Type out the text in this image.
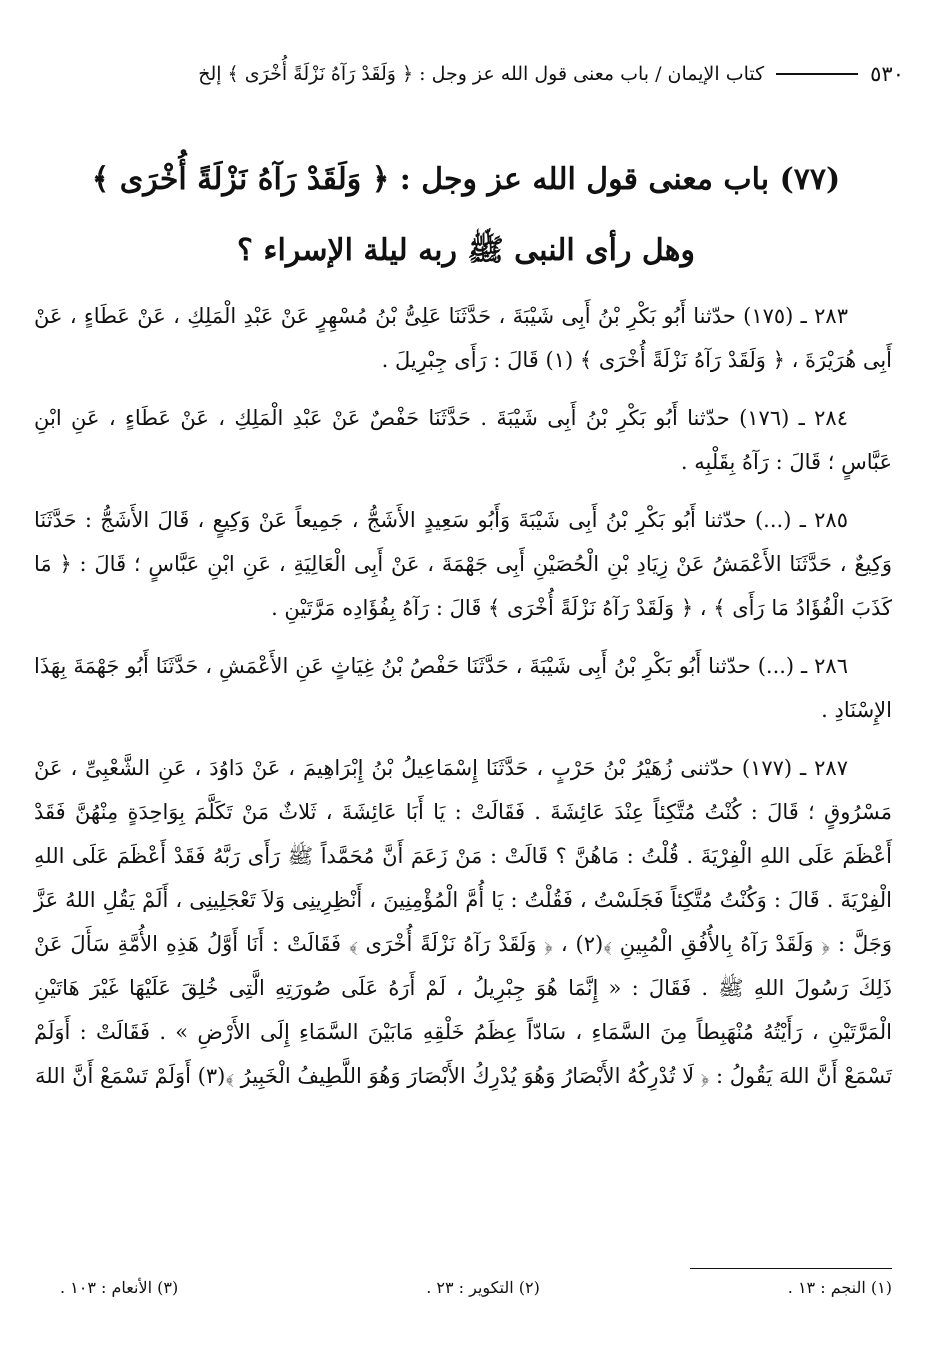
٥٣٠
كتاب الإيمان / باب معنى قول الله عز وجل : ﴿ وَلَقَدْ رَآهُ نَزْلَةً أُخْرَى ﴾ إلخ
(٧٧) باب معنى قول الله عز وجل : ﴿ وَلَقَدْ رَآهُ نَزْلَةً أُخْرَى ﴾
وهل رأى النبى ﷺ ربه ليلة الإسراء ؟

٢٨٣ ـ (١٧٥) حدّثنا أَبُو بَكْرِ بْنُ أَبِى شَيْبَةَ ، حَدَّثَنَا عَلِىُّ بْنُ مُسْهِرٍ عَنْ عَبْدِ الْمَلِكِ ، عَنْ عَطَاءٍ ، عَنْ أَبِى هُرَيْرَةَ ، ﴿ وَلَقَدْ رَآهُ نَزْلَةً أُخْرَى ﴾ (١) قَالَ : رَأَى جِبْرِيلَ .

٢٨٤ ـ (١٧٦) حدّثنا أَبُو بَكْرِ بْنُ أَبِى شَيْبَةَ . حَدَّثَنَا حَفْصٌ عَنْ عَبْدِ الْمَلِكِ ، عَنْ عَطَاءٍ ، عَنِ ابْنِ عَبَّاسٍ ؛ قَالَ : رَآهُ بِقَلْبِه .

٢٨٥ ـ (...) حدّثنا أَبُو بَكْرِ بْنُ أَبِى شَيْبَةَ وَأَبُو سَعِيدٍ الأَشَجُّ ، جَمِيعاً عَنْ وَكِيعٍ ، قَالَ الأَشَجُّ : حَدَّثَنَا وَكِيعٌ ، حَدَّثَنَا الأَعْمَشُ عَنْ زِيَادِ بْنِ الْحُصَيْنِ أَبِى جَهْمَةَ ، عَنْ أَبِى الْعَالِيَةِ ، عَنِ ابْنِ عَبَّاسٍ ؛ قَالَ : ﴿ مَا كَذَبَ الْفُؤَادُ مَا رَأَى ﴾ ، ﴿ وَلَقَدْ رَآهُ نَزْلَةً أُخْرَى ﴾ قَالَ : رَآهُ بِفُؤَادِه مَرَّتَيْنِ .

٢٨٦ ـ (...) حدّثنا أَبُو بَكْرِ بْنُ أَبِى شَيْبَةَ ، حَدَّثَنَا حَفْصُ بْنُ غِيَاثٍ عَنِ الأَعْمَشِ ، حَدَّثَنَا أَبُو جَهْمَةَ بِهَذَا الإِسْنَادِ .

٢٨٧ ـ (١٧٧) حدّثنى زُهَيْرُ بْنُ حَرْبٍ ، حَدَّثَنَا إِسْمَاعِيلُ بْنُ إِبْرَاهِيمَ ، عَنْ دَاوُدَ ، عَنِ الشَّعْبِىِّ ، عَنْ مَسْرُوقٍ ؛ قَالَ : كُنْتُ مُتَّكِئاً عِنْدَ عَائِشَةَ . فَقَالَتْ : يَا أَبَا عَائِشَةَ ، ثَلاثٌ مَنْ تَكَلَّمَ بِوَاحِدَةٍ مِنْهُنَّ فَقَدْ أَعْظَمَ عَلَى اللهِ الْفِرْيَةَ . قُلْتُ : مَاهُنَّ ؟ قَالَتْ : مَنْ زَعَمَ أَنَّ مُحَمَّداً ﷺ رَأَى رَبَّهُ فَقَدْ أَعْظَمَ عَلَى اللهِ الْفِرْيَةَ . قَالَ : وَكُنْتُ مُتَّكِئاً فَجَلَسْتُ ، فَقُلْتُ : يَا أُمَّ الْمُؤْمِنِينَ ، أَنْظِرِينِى وَلاَ تَعْجَلِينِى ، أَلَمْ يَقُلِ اللهُ عَزَّ وَجَلَّ : ﴿ وَلَقَدْ رَآهُ بِالأُفُقِ الْمُبِينِ ﴾(٢) ، ﴿ وَلَقَدْ رَآهُ نَزْلَةً أُخْرَى ﴾ فَقَالَتْ : أَنَا أَوَّلُ هَذِهِ الأُمَّةِ سَأَلَ عَنْ ذَلِكَ رَسُولَ اللهِ ﷺ . فَقَالَ : « إِنَّمَا هُوَ جِبْرِيلُ ، لَمْ أَرَهُ عَلَى صُورَتِهِ الَّتِى خُلِقَ عَلَيْهَا غَيْرَ هَاتَيْنِ الْمَرَّتَيْنِ ، رَأَيْتُهُ مُنْهَبِطاً مِنَ السَّمَاءِ ، سَادّاً عِظَمُ خَلْقِهِ مَابَيْنَ السَّمَاءِ إِلَى الأَرْضِ » . فَقَالَتْ : أَوَلَمْ تَسْمَعْ أَنَّ اللهَ يَقُولُ : ﴿ لَا تُدْرِكُهُ الأَبْصَارُ وَهُوَ يُدْرِكُ الأَبْصَارَ وَهُوَ اللَّطِيفُ الْخَبِيرُ ﴾(٣) أَوَلَمْ تَسْمَعْ أَنَّ اللهَ

(١) النجم : ١٣ .
(٢) التكوير : ٢٣ .
(٣) الأنعام : ١٠٣ .
